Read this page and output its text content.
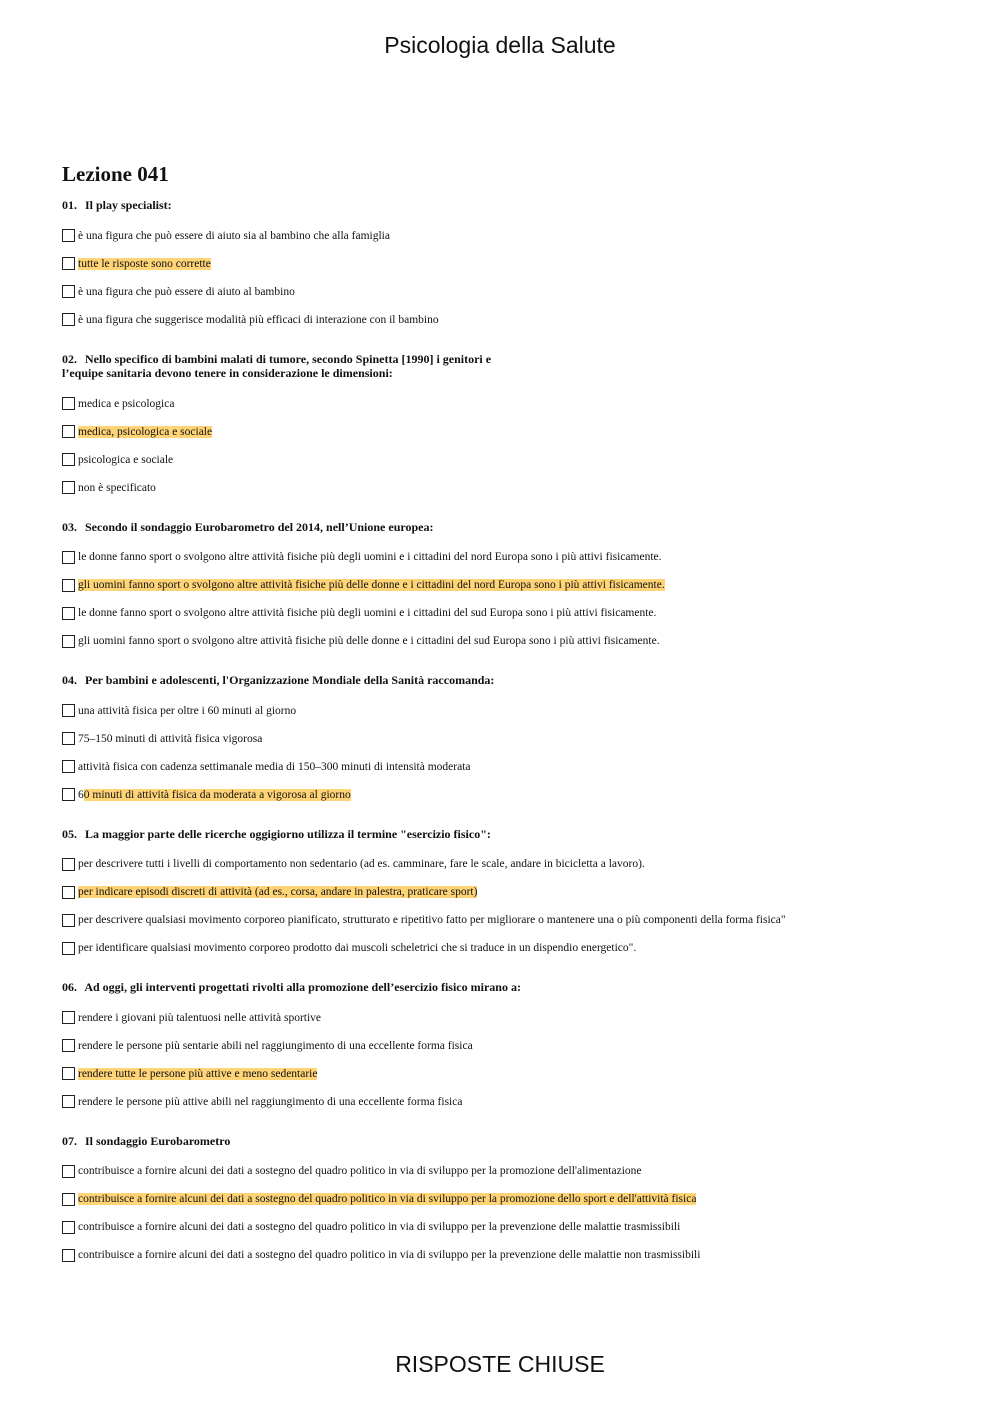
Psicologia della Salute
Lezione 041
01. Il play specialist:
è una figura che può essere di aiuto sia al bambino che alla famiglia
tutte le risposte sono corrette
è una figura che può essere di aiuto al bambino
è una figura che suggerisce modalità più efficaci di interazione con il bambino
02. Nello specifico di bambini malati di tumore, secondo Spinetta [1990] i genitori e l’equipe sanitaria devono tenere in considerazione le dimensioni:
medica e psicologica
medica, psicologica e sociale
psicologica e sociale
non è specificato
03. Secondo il sondaggio Eurobarometro del 2014, nell’Unione europea:
le donne fanno sport o svolgono altre attività fisiche più degli uomini e i cittadini del nord Europa sono i più attivi fisicamente.
gli uomini fanno sport o svolgono altre attività fisiche più delle donne e i cittadini del nord Europa sono i più attivi fisicamente.
le donne fanno sport o svolgono altre attività fisiche più degli uomini e i cittadini del sud Europa sono i più attivi fisicamente.
gli uomini fanno sport o svolgono altre attività fisiche più delle donne e i cittadini del sud Europa sono i più attivi fisicamente.
04. Per bambini e adolescenti, l'Organizzazione Mondiale della Sanità raccomanda:
una attività fisica per oltre i 60 minuti al giorno
75–150 minuti di attività fisica vigorosa
attività fisica con cadenza settimanale media di 150–300 minuti di intensità moderata
60 minuti di attività fisica da moderata a vigorosa al giorno
05. La maggior parte delle ricerche oggigiorno utilizza il termine "esercizio fisico":
per descrivere tutti i livelli di comportamento non sedentario (ad es. camminare, fare le scale, andare in bicicletta a lavoro).
per indicare episodi discreti di attività (ad es., corsa, andare in palestra, praticare sport)
per descrivere qualsiasi movimento corporeo pianificato, strutturato e ripetitivo fatto per migliorare o mantenere una o più componenti della forma fisica"
per identificare qualsiasi movimento corporeo prodotto dai muscoli scheletrici che si traduce in un dispendio energetico".
06. Ad oggi, gli interventi progettati rivolti alla promozione dell’esercizio fisico mirano a:
rendere i giovani più talentuosi nelle attività sportive
rendere le persone più sentarie abili nel raggiungimento di una eccellente forma fisica
rendere tutte le persone più attive e meno sedentarie
rendere le persone più attive abili nel raggiungimento di una eccellente forma fisica
07. Il sondaggio Eurobarometro
contribuisce a fornire alcuni dei dati a sostegno del quadro politico in via di sviluppo per la promozione dell'alimentazione
contribuisce a fornire alcuni dei dati a sostegno del quadro politico in via di sviluppo per la promozione dello sport e dell'attività fisica
contribuisce a fornire alcuni dei dati a sostegno del quadro politico in via di sviluppo per la prevenzione delle malattie trasmissibili
contribuisce a fornire alcuni dei dati a sostegno del quadro politico in via di sviluppo per la prevenzione delle malattie non trasmissibili
RISPOSTE CHIUSE
